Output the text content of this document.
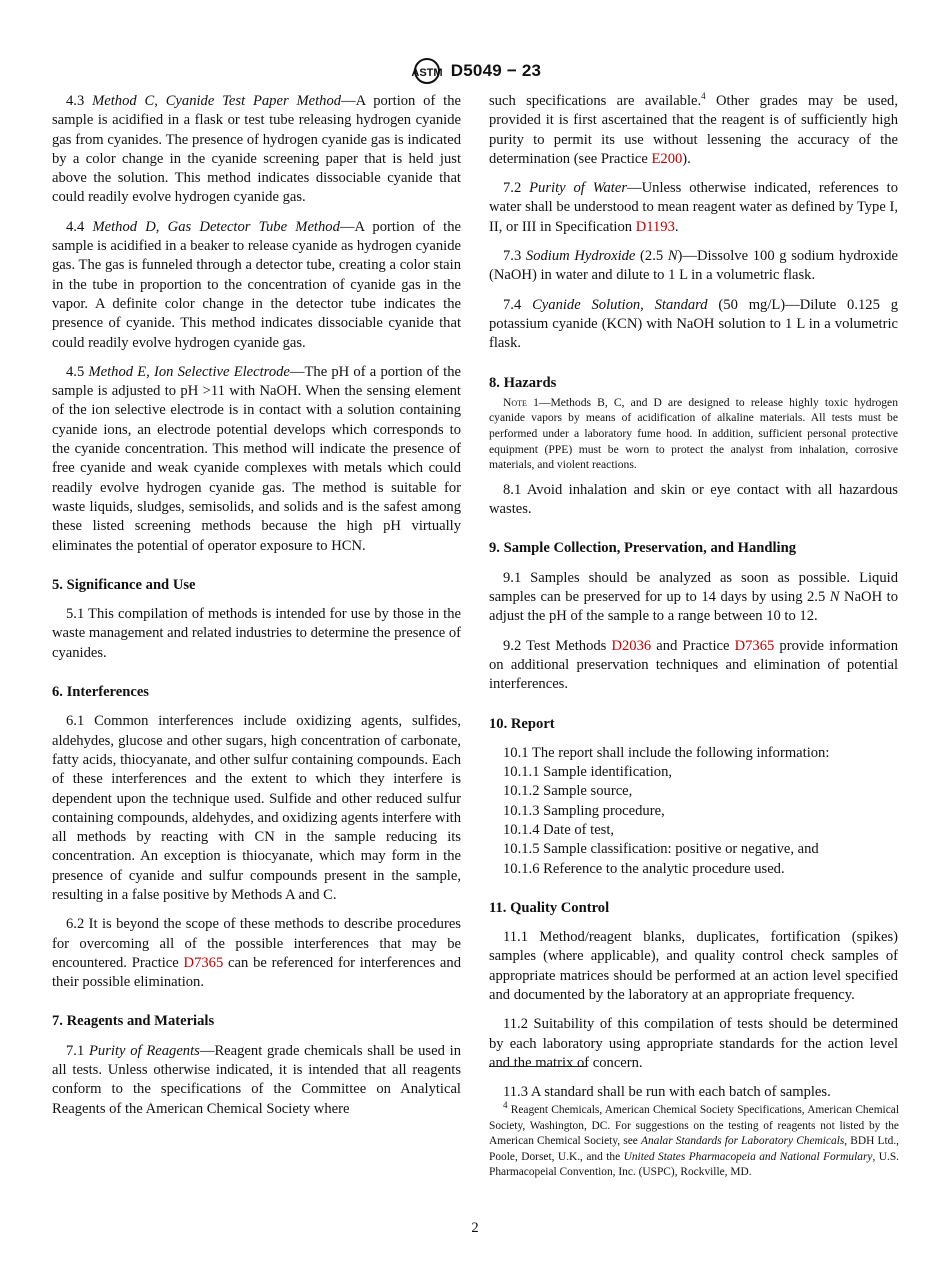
ASTM D5049 − 23
4.3 Method C, Cyanide Test Paper Method—A portion of the sample is acidified in a flask or test tube releasing hydrogen cyanide gas from cyanides. The presence of hydrogen cyanide gas is indicated by a color change in the cyanide screening paper that is held just above the solution. This method indicates dissociable cyanide that could readily evolve hydrogen cyanide gas.
4.4 Method D, Gas Detector Tube Method—A portion of the sample is acidified in a beaker to release cyanide as hydrogen cyanide gas. The gas is funneled through a detector tube, creating a color stain in the tube in proportion to the concentration of cyanide gas in the vapor. A definite color change in the detector tube indicates the presence of cyanide. This method indicates dissociable cyanide that could readily evolve hydrogen cyanide gas.
4.5 Method E, Ion Selective Electrode—The pH of a portion of the sample is adjusted to pH >11 with NaOH. When the sensing element of the ion selective electrode is in contact with a solution containing cyanide ions, an electrode potential develops which corresponds to the cyanide concentration. This method will indicate the presence of free cyanide and weak cyanide complexes with metals which could readily evolve hydrogen cyanide gas. The method is suitable for waste liquids, sludges, semisolids, and solids and is the safest among these listed screening methods because the high pH virtually eliminates the potential of operator exposure to HCN.
5. Significance and Use
5.1 This compilation of methods is intended for use by those in the waste management and related industries to determine the presence of cyanides.
6. Interferences
6.1 Common interferences include oxidizing agents, sulfides, aldehydes, glucose and other sugars, high concentration of carbonate, fatty acids, thiocyanate, and other sulfur containing compounds. Each of these interferences and the extent to which they interfere is dependent upon the technique used. Sulfide and other reduced sulfur containing compounds, aldehydes, and oxidizing agents interfere with all methods by reacting with CN in the sample reducing its concentration. An exception is thiocyanate, which may form in the presence of cyanide and sulfur compounds present in the sample, resulting in a false positive by Methods A and C.
6.2 It is beyond the scope of these methods to describe procedures for overcoming all of the possible interferences that may be encountered. Practice D7365 can be referenced for interferences and their possible elimination.
7. Reagents and Materials
7.1 Purity of Reagents—Reagent grade chemicals shall be used in all tests. Unless otherwise indicated, it is intended that all reagents conform to the specifications of the Committee on Analytical Reagents of the American Chemical Society where
such specifications are available.$^4$ Other grades may be used, provided it is first ascertained that the reagent is of sufficiently high purity to permit its use without lessening the accuracy of the determination (see Practice E200).
7.2 Purity of Water—Unless otherwise indicated, references to water shall be understood to mean reagent water as defined by Type I, II, or III in Specification D1193.
7.3 Sodium Hydroxide (2.5 N)—Dissolve 100 g sodium hydroxide (NaOH) in water and dilute to 1 L in a volumetric flask.
7.4 Cyanide Solution, Standard (50 mg/L)—Dilute 0.125 g potassium cyanide (KCN) with NaOH solution to 1 L in a volumetric flask.
8. Hazards
Note 1—Methods B, C, and D are designed to release highly toxic hydrogen cyanide vapors by means of acidification of alkaline materials. All tests must be performed under a laboratory fume hood. In addition, sufficient personal protective equipment (PPE) must be worn to protect the analyst from inhalation, corrosive materials, and violent reactions.
8.1 Avoid inhalation and skin or eye contact with all hazardous wastes.
9. Sample Collection, Preservation, and Handling
9.1 Samples should be analyzed as soon as possible. Liquid samples can be preserved for up to 14 days by using 2.5 N NaOH to adjust the pH of the sample to a range between 10 to 12.
9.2 Test Methods D2036 and Practice D7365 provide information on additional preservation techniques and elimination of potential interferences.
10. Report
10.1 The report shall include the following information:
10.1.1 Sample identification,
10.1.2 Sample source,
10.1.3 Sampling procedure,
10.1.4 Date of test,
10.1.5 Sample classification: positive or negative, and
10.1.6 Reference to the analytic procedure used.
11. Quality Control
11.1 Method/reagent blanks, duplicates, fortification (spikes) samples (where applicable), and quality control check samples of appropriate matrices should be performed at an action level specified and documented by the laboratory at an appropriate frequency.
11.2 Suitability of this compilation of tests should be determined by each laboratory using appropriate standards for the action level and the matrix of concern.
11.3 A standard shall be run with each batch of samples.
$^4$ Reagent Chemicals, American Chemical Society Specifications, American Chemical Society, Washington, DC. For suggestions on the testing of reagents not listed by the American Chemical Society, see Analar Standards for Laboratory Chemicals, BDH Ltd., Poole, Dorset, U.K., and the United States Pharmacopeia and National Formulary, U.S. Pharmacopeial Convention, Inc. (USPC), Rockville, MD.
2
